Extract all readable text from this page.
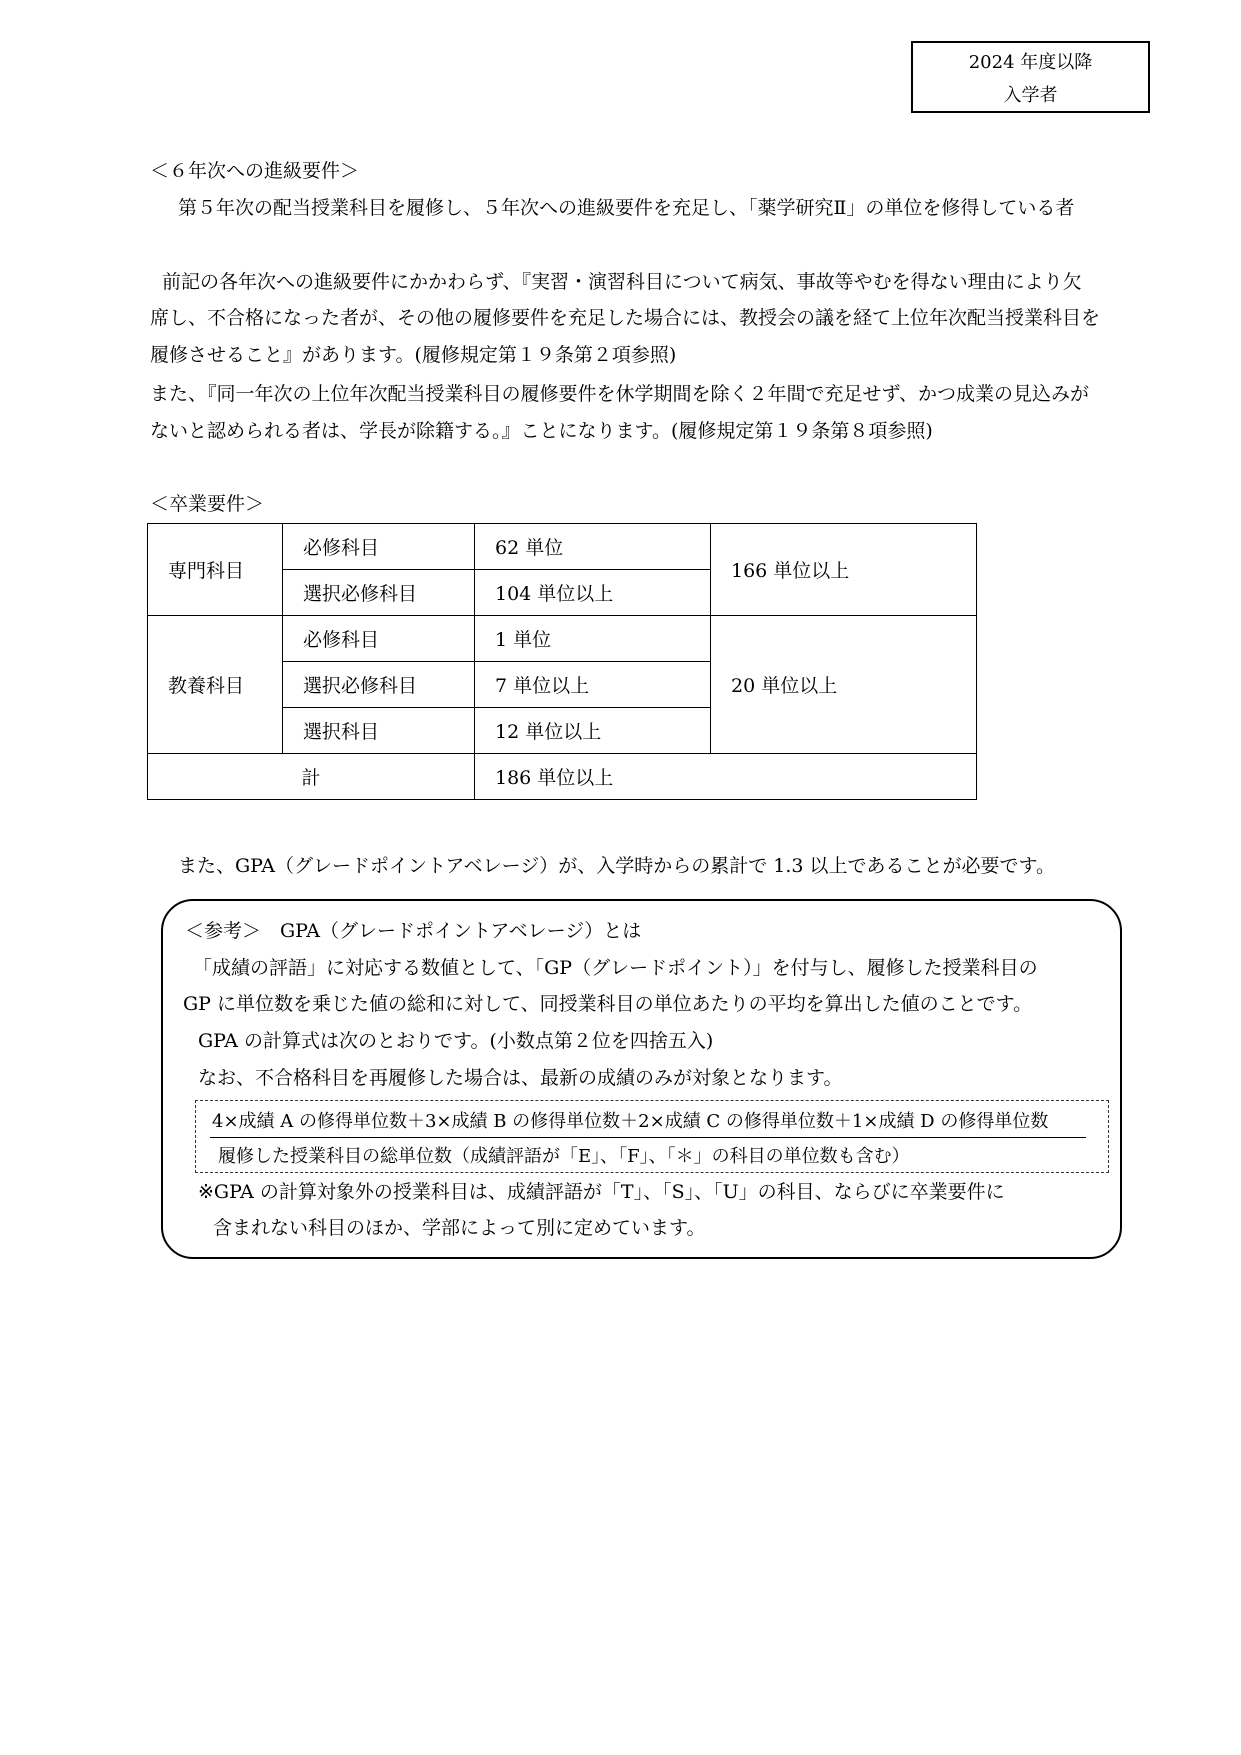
2024 年度以降
入学者
＜６年次への進級要件＞
第５年次の配当授業科目を履修し、５年次への進級要件を充足し、「薬学研究Ⅱ」の単位を修得している者
前記の各年次への進級要件にかかわらず、『実習・演習科目について病気、事故等やむを得ない理由により欠
席し、不合格になった者が、その他の履修要件を充足した場合には、教授会の議を経て上位年次配当授業科目を
履修させること』があります。(履修規定第１９条第２項参照)
また、『同一年次の上位年次配当授業科目の履修要件を休学期間を除く２年間で充足せず、かつ成業の見込みが
ないと認められる者は、学長が除籍する。』ことになります。(履修規定第１９条第８項参照)
＜卒業要件＞
専門科目	必修科目	62 単位	166 単位以上
	選択必修科目	104 単位以上	
教養科目	必修科目	1 単位	20 単位以上
	選択必修科目	7 単位以上	
	選択科目	12 単位以上	
計		186 単位以上	
また、GPA（グレードポイントアベレージ）が、入学時からの累計で 1.3 以上であることが必要です。
＜参考＞　GPA（グレードポイントアベレージ）とは
「成績の評語」に対応する数値として、「GP（グレードポイント）」を付与し、履修した授業科目の
GP に単位数を乗じた値の総和に対して、同授業科目の単位あたりの平均を算出した値のことです。
GPA の計算式は次のとおりです。(小数点第２位を四捨五入)
なお、不合格科目を再履修した場合は、最新の成績のみが対象となります。
※GPA の計算対象外の授業科目は、成績評語が「T」、「S」、「U」の科目、ならびに卒業要件に
含まれない科目のほか、学部によって別に定めています。
4×成績 A の修得単位数＋3×成績 B の修得単位数＋2×成績 C の修得単位数＋1×成績 D の修得単位数
履修した授業科目の総単位数（成績評語が「E」、「F」、「＊」の科目の単位数も含む）
